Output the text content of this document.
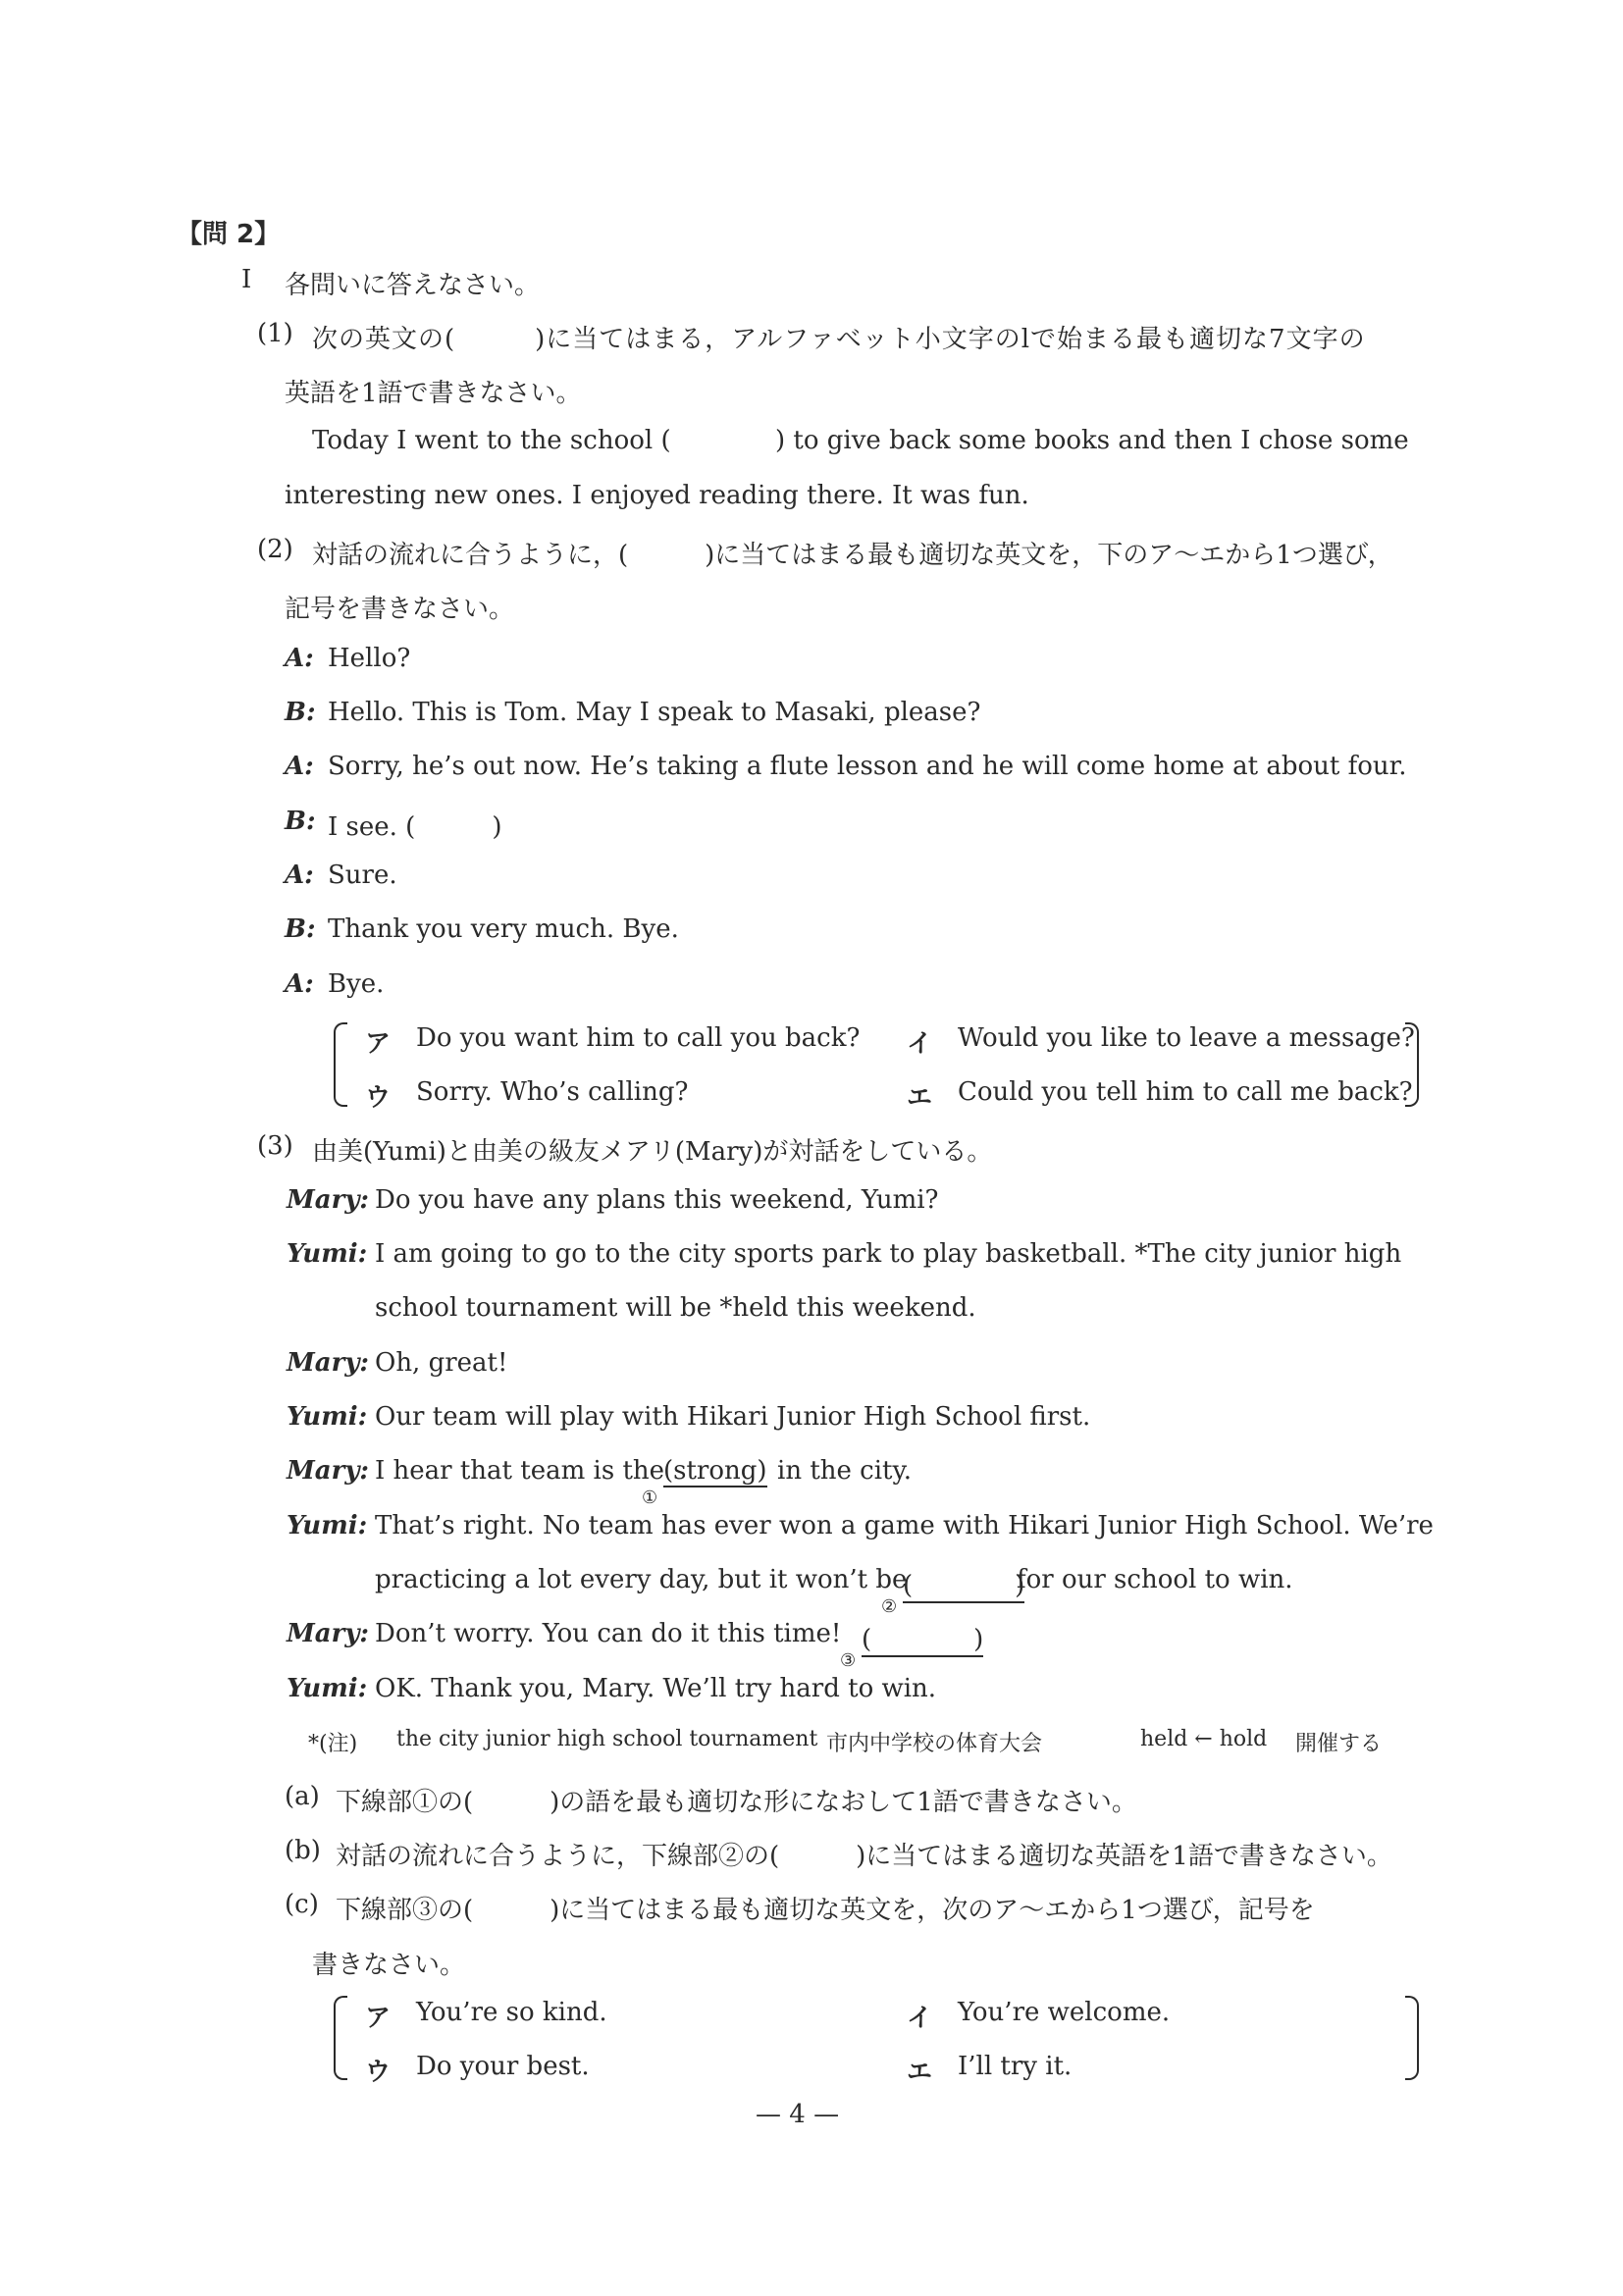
【問 2】
I 各問いに答えなさい。
(1) 次の英文の(　　　)に当てはまる，アルファベット小文字のlで始まる最も適切な7文字の
英語を1語で書きなさい。
Today I went to the school (	) to give back some books and then I chose some
interesting new ones. I enjoyed reading there. It was fun.
(2) 対話の流れに合うように，(　　　)に当てはまる最も適切な英文を，下のア～エから1つ選び，
記号を書きなさい。
A: Hello?
B: Hello. This is Tom. May I speak to Masaki, please?
A: Sorry, he’s out now. He’s taking a flute lesson and he will come home at about four.
B: I see. (　　　)
A: Sure.
B: Thank you very much. Bye.
A: Bye.
ア Do you want him to call you back? イ Would you like to leave a message?
ウ Sorry. Who’s calling?	エ Could you tell him to call me back?
(3) 由美(Yumi)と由美の級友メアリ(Mary)が対話をしている。
Mary: Do you have any plans this weekend, Yumi?
Yumi: I am going to go to the city sports park to play basketball. *The city junior high
school tournament will be *held this weekend.
Mary: Oh, great!
Yumi: Our team will play with Hikari Junior High School first.
Mary: I hear that team is the
(strong) in the city.
①
Yumi: That’s right. No team has ever won a game with Hikari Junior High School. We’re
practicing a lot every day, but it won’t be
(　　　　)
for our school to win.
②
Mary: Don’t worry. You can do it this time! (　　　　)
③
Yumi: OK. Thank you, Mary. We’ll try hard to win.
*(注) the city junior high school tournament 市内中学校の体育大会	held ← hold 開催する
(a) 下線部①の(　　　)の語を最も適切な形になおして1語で書きなさい。
(b) 対話の流れに合うように，下線部②の(　　　)に当てはまる適切な英語を1語で書きなさい。
(c) 下線部③の(　　　)に当てはまる最も適切な英文を，次のア～エから1つ選び，記号を
書きなさい。
ア You’re so kind.	イ You’re welcome.
ウ Do your best.	エ I’ll try it.
— 4 —
